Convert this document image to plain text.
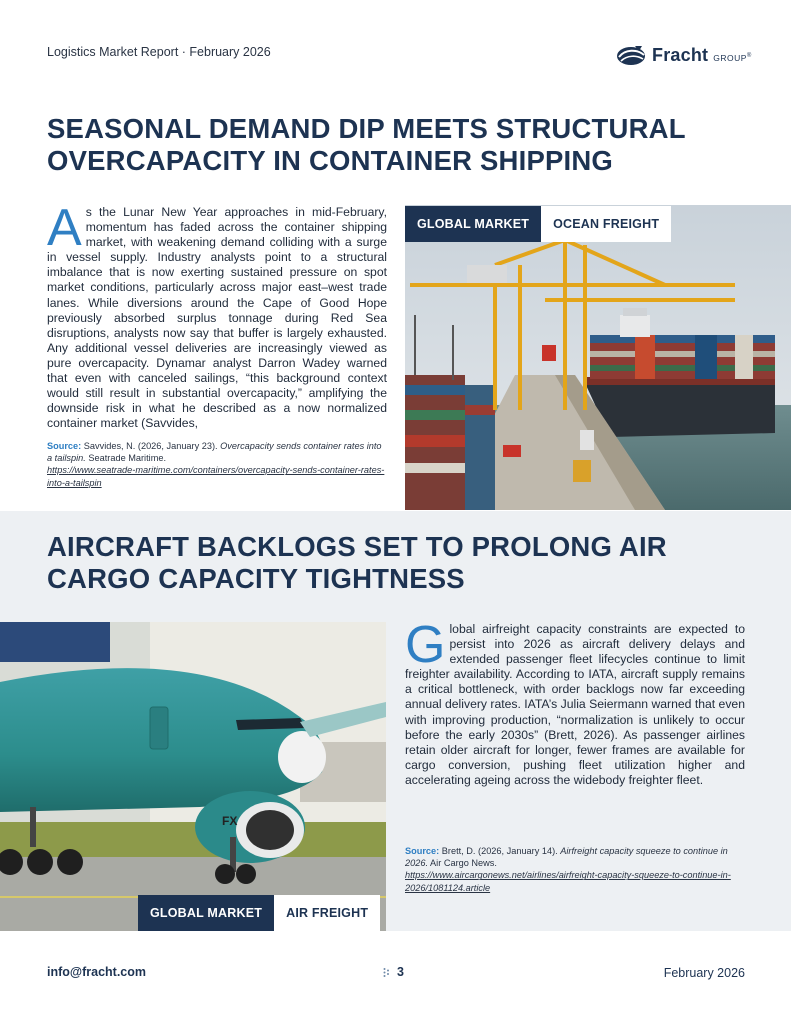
Logistics Market Report · February 2026	Fracht GROUP®
SEASONAL DEMAND DIP MEETS STRUCTURAL OVERCAPACITY IN CONTAINER SHIPPING
As the Lunar New Year approaches in mid-February, momentum has faded across the container shipping market, with weakening demand colliding with a surge in vessel supply. Industry analysts point to a structural imbalance that is now exerting sustained pressure on spot market conditions, particularly across major east–west trade lanes. While diversions around the Cape of Good Hope previously absorbed surplus tonnage during Red Sea disruptions, analysts now say that buffer is largely exhausted. Any additional vessel deliveries are increasingly viewed as pure overcapacity. Dynamar analyst Darron Wadey warned that even with canceled sailings, “this background context would still result in substantial overcapacity,” amplifying the downside risk in what he described as a now normalized container market (Savvides,
Source: Savvides, N. (2026, January 23). Overcapacity sends container rates into a tailspin. Seatrade Maritime.
https://www.seatrade-maritime.com/containers/overcapacity-sends-container-rates-into-a-tailspin
GLOBAL MARKET	OCEAN FREIGHT
AIRCRAFT BACKLOGS SET TO PROLONG AIR CARGO CAPACITY TIGHTNESS
FX
GLOBAL MARKET	AIR FREIGHT
Global airfreight capacity constraints are expected to persist into 2026 as aircraft delivery delays and extended passenger fleet lifecycles continue to limit freighter availability. According to IATA, aircraft supply remains a critical bottleneck, with order backlogs now far exceeding annual delivery rates. IATA’s Julia Seiermann warned that even with improving production, “normalization is unlikely to occur before the early 2030s” (Brett, 2026). As passenger airlines retain older aircraft for longer, fewer frames are available for cargo conversion, pushing fleet utilization higher and accelerating ageing across the widebody freighter fleet.
Source: Brett, D. (2026, January 14). Airfreight capacity squeeze to continue in 2026. Air Cargo News.
https://www.aircargonews.net/airlines/airfreight-capacity-squeeze-to-continue-in-2026/1081124.article
info@fracht.com	3	February 2026
